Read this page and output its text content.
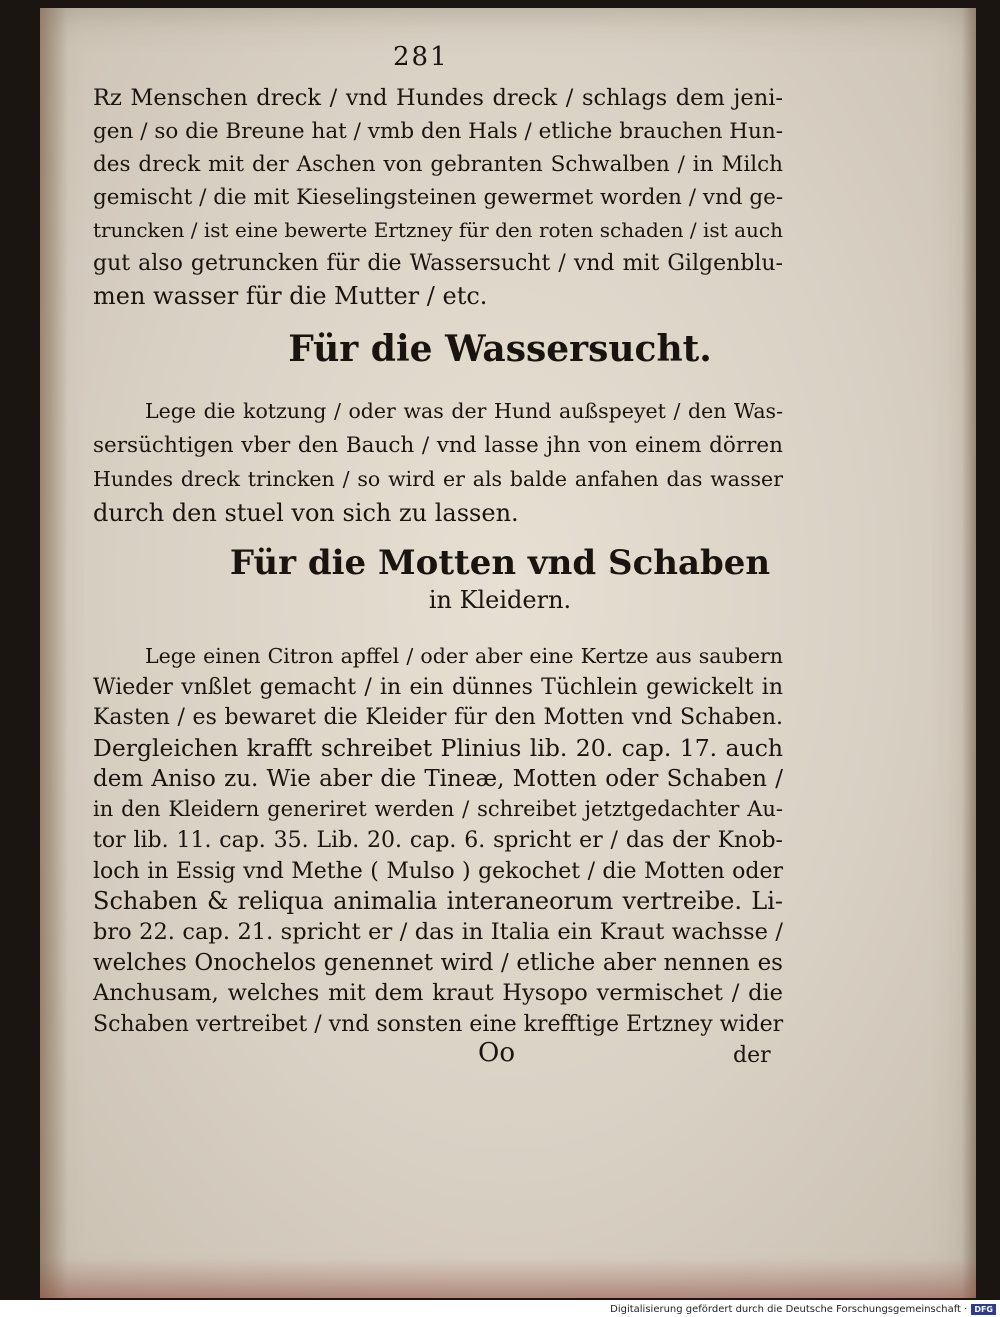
281
Rz Menschen dreck / vnd Hundes dreck / schlags dem jeni-
gen / so die Breune hat / vmb den Hals / etliche brauchen Hun-
des dreck mit der Aschen von gebranten Schwalben / in Milch
gemischt / die mit Kieselingsteinen gewermet worden / vnd ge-
truncken / ist eine bewerte Ertzney für den roten schaden / ist auch
gut also getruncken für die Wassersucht / vnd mit Gilgenblu-
men wasser für die Mutter / etc.
Für die Wassersucht.
Lege die kotzung / oder was der Hund außspeyet / den Was-
sersüchtigen vber den Bauch / vnd lasse jhn von einem dörren
Hundes dreck trincken / so wird er als balde anfahen das wasser
durch den stuel von sich zu lassen.
Für die Motten vnd Schaben
in Kleidern.
Lege einen Citron apffel / oder aber eine Kertze aus saubern
Wieder vnßlet gemacht / in ein dünnes Tüchlein gewickelt in
Kasten / es bewaret die Kleider für den Motten vnd Schaben.
Dergleichen krafft schreibet Plinius lib. 20. cap. 17. auch
dem Aniso zu. Wie aber die Tineæ, Motten oder Schaben /
in den Kleidern generiret werden / schreibet jetztgedachter Au-
tor lib. 11. cap. 35. Lib. 20. cap. 6. spricht er / das der Knob-
loch in Essig vnd Methe ( Mulso ) gekochet / die Motten oder
Schaben & reliqua animalia interaneorum vertreibe. Li-
bro 22. cap. 21. spricht er / das in Italia ein Kraut wachsse /
welches Onochelos genennet wird / etliche aber nennen es
Anchusam, welches mit dem kraut Hysopo vermischet / die
Schaben vertreibet / vnd sonsten eine krefftige Ertzney wider
Oo	der
Digitalisierung gefördert durch die Deutsche Forschungsgemeinschaft · DFG
